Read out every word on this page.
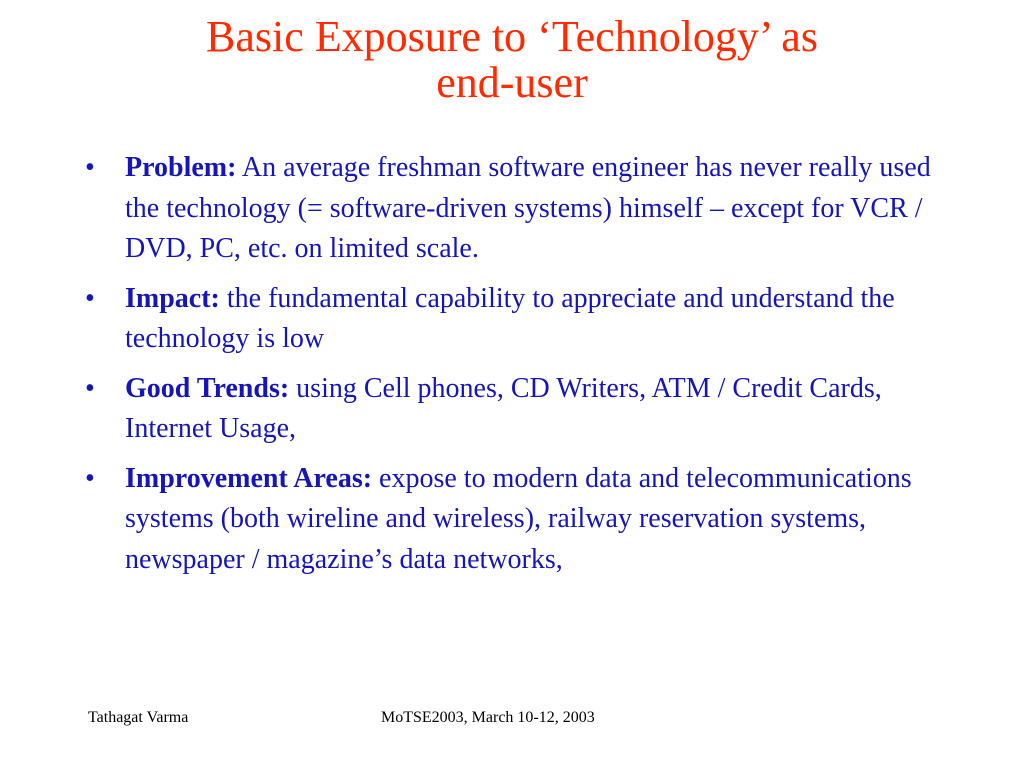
Basic Exposure to ‘Technology’ as
end-user
• Problem: An average freshman software engineer has never really used the technology (= software-driven systems) himself – except for VCR / DVD, PC, etc. on limited scale.
• Impact: the fundamental capability to appreciate and understand the technology is low
• Good Trends: using Cell phones, CD Writers, ATM / Credit Cards, Internet Usage,
• Improvement Areas: expose to modern data and telecommunications systems (both wireline and wireless), railway reservation systems, newspaper / magazine’s data networks,
Tathagat Varma	MoTSE2003, March 10-12, 2003
